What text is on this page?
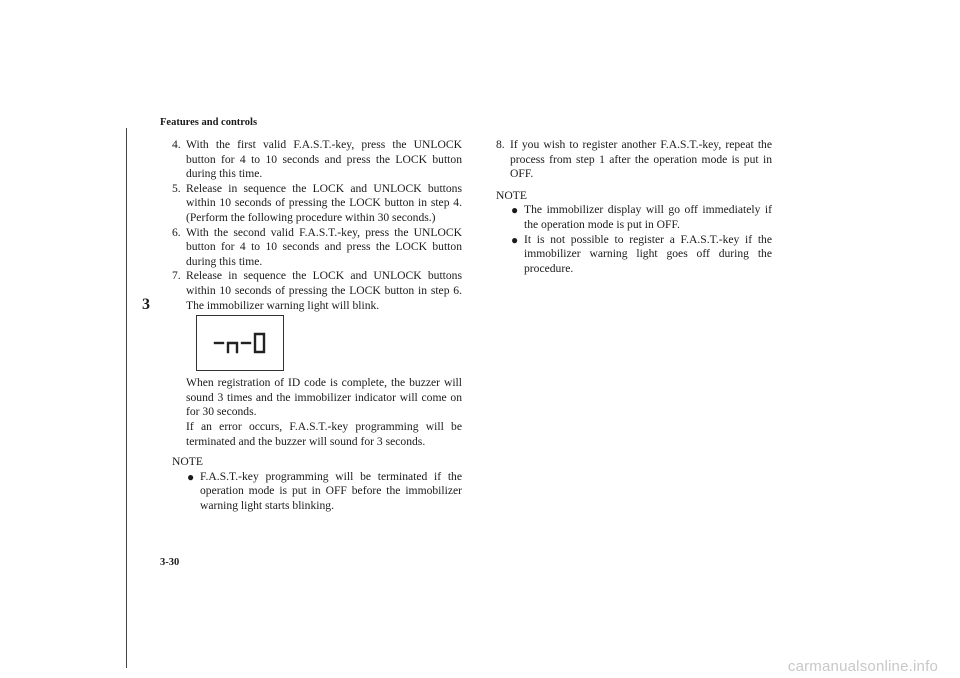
Features and controls
3
4. With the first valid F.A.S.T.-key, press the UNLOCK button for 4 to 10 seconds and press the LOCK button during this time.

5. Release in sequence the LOCK and UNLOCK buttons within 10 seconds of pressing the LOCK button in step 4. (Perform the following procedure within 30 seconds.)

6. With the second valid F.A.S.T.-key, press the UNLOCK button for 4 to 10 seconds and press the LOCK button during this time.

7. Release in sequence the LOCK and UNLOCK buttons within 10 seconds of pressing the LOCK button in step 6. The immobilizer warning light will blink.

When registration of ID code is complete, the buzzer will sound 3 times and the immobilizer indicator will come on for 30 seconds.

If an error occurs, F.A.S.T.-key programming will be terminated and the buzzer will sound for 3 seconds.

NOTE
● F.A.S.T.-key programming will be terminated if the operation mode is put in OFF before the immobilizer warning light starts blinking.
8. If you wish to register another F.A.S.T.-key, repeat the process from step 1 after the operation mode is put in OFF.

NOTE
● The immobilizer display will go off immediately if the operation mode is put in OFF.
● It is not possible to register a F.A.S.T.-key if the immobilizer warning light goes off during the procedure.
3-30
carmanualsonline.info
